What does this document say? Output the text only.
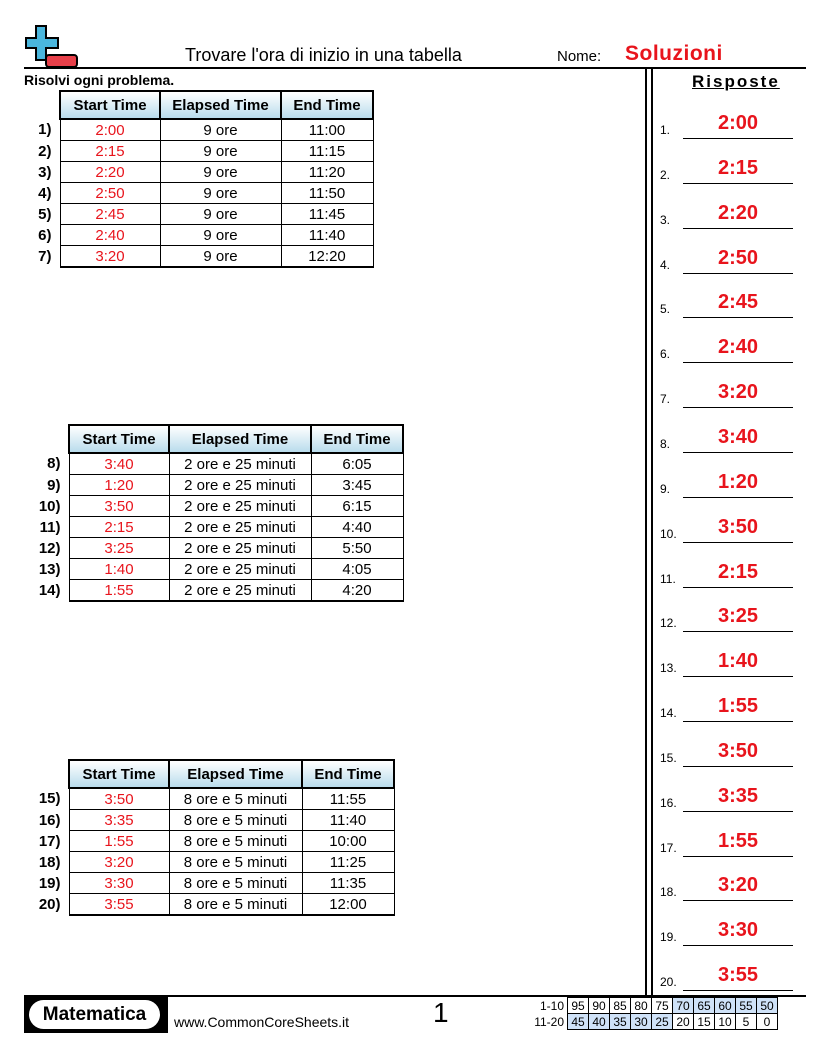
Trovare l'ora di inizio in una tabella	Nome: Soluzioni
Risolvi ogni problema.	Risposte
	Start Time	Elapsed Time	End Time
1)	2:00	9 ore	11:00
2)	2:15	9 ore	11:15
3)	2:20	9 ore	11:20
4)	2:50	9 ore	11:50
5)	2:45	9 ore	11:45
6)	2:40	9 ore	11:40
7)	3:20	9 ore	12:20
	Start Time	Elapsed Time	End Time
8)	3:40	2 ore e 25 minuti	6:05
9)	1:20	2 ore e 25 minuti	3:45
10)	3:50	2 ore e 25 minuti	6:15
11)	2:15	2 ore e 25 minuti	4:40
12)	3:25	2 ore e 25 minuti	5:50
13)	1:40	2 ore e 25 minuti	4:05
14)	1:55	2 ore e 25 minuti	4:20
	Start Time	Elapsed Time	End Time
15)	3:50	8 ore e 5 minuti	11:55
16)	3:35	8 ore e 5 minuti	11:40
17)	1:55	8 ore e 5 minuti	10:00
18)	3:20	8 ore e 5 minuti	11:25
19)	3:30	8 ore e 5 minuti	11:35
20)	3:55	8 ore e 5 minuti	12:00
1.	2:00
2.	2:15
3.	2:20
4.	2:50
5.	2:45
6.	2:40
7.	3:20
8.	3:40
9.	1:20
10.	3:50
11.	2:15
12.	3:25
13.	1:40
14.	1:55
15.	3:50
16.	3:35
17.	1:55
18.	3:20
19.	3:30
20.	3:55
Matematica	www.CommonCoreSheets.it	1	1-10	95	90	85	80	75	70	65	60	55	50
11-20	45	40	35	30	25	20	15	10	5	0
